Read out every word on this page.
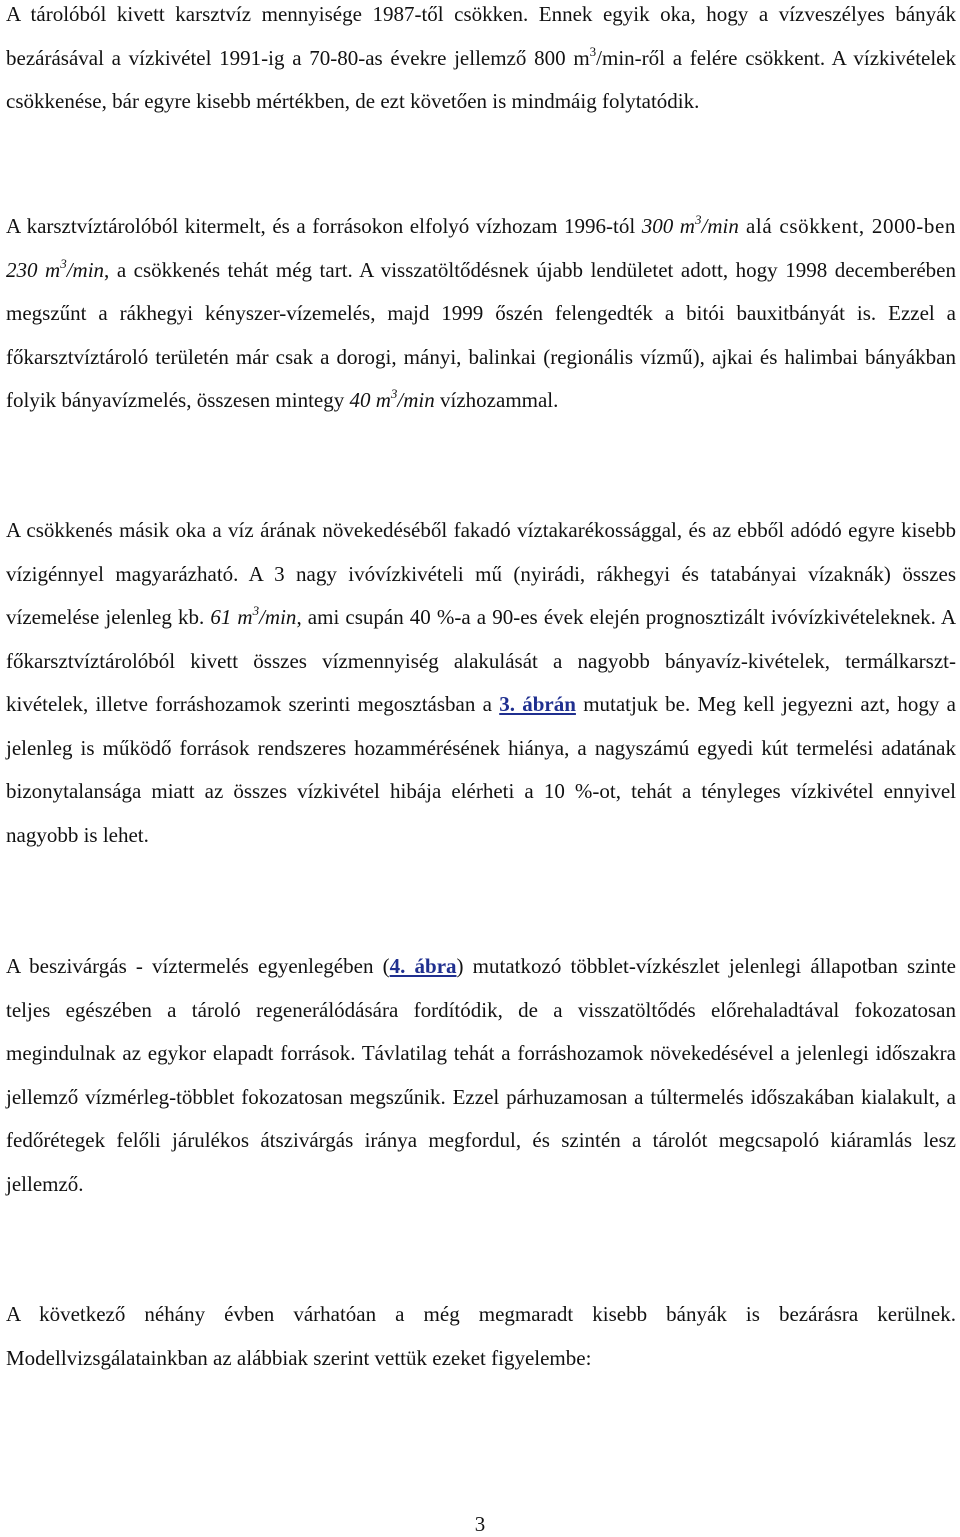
A tárolóból kivett karsztvíz mennyisége 1987-től csökken. Ennek egyik oka, hogy a vízveszélyes bányák bezárásával a vízkivétel 1991-ig a 70-80-as évekre jellemző 800 $m^3/\min$-ről a felére csökkent. A vízkivételek csökkenése, bár egyre kisebb mértékben, de ezt követően is mindmáig folytatódik.

A karsztvíztárolóból kitermelt, és a forrásokon elfolyó vízhozam 1996-tól 300 $m^3/\min$ alá csökkent, 2000-ben 230 $m^3/\min$, a csökkenés tehát még tart. A visszatöltődésnek újabb lendületet adott, hogy 1998 decemberében megszűnt a rákhegyi kényszer-vízemelés, majd 1999 őszén felengedték a bitói bauxitbányát is. Ezzel a főkarsztvíztároló területén már csak a dorogi, mányi, balinkai (regionális vízmű), ajkai és halimbai bányákban folyik bányavízmelés, összesen mintegy 40 $m^3/\min$ vízhozammal.

A csökkenés másik oka a víz árának növekedéséből fakadó víztakarékossággal, és az ebből adódó egyre kisebb vízigénnyel magyarázható. A 3 nagy ivóvízkivételi mű (nyirádi, rákhegyi és tatabányai vízaknák) összes vízemelése jelenleg kb. 61 $m^3/\min$, ami csupán 40 %-a a 90-es évek elején prognosztizált ivóvízkivételeknek. A főkarsztvíztárolóból kivett összes vízmennyiség alakulását a nagyobb bányavíz-kivételek, termálkarszt-kivételek, illetve forráshozamok szerinti megosztásban a 3. ábrán mutatjuk be. Meg kell jegyezni azt, hogy a jelenleg is működő források rendszeres hozammérésének hiánya, a nagyszámú egyedi kút termelési adatának bizonytalansága miatt az összes vízkivétel hibája elérheti a 10 %-ot, tehát a tényleges vízkivétel ennyivel nagyobb is lehet.

A beszivárgás - víztermelés egyenlegében (4. ábra) mutatkozó többlet-vízkészlet jelenlegi állapotban szinte teljes egészében a tároló regenerálódására fordítódik, de a visszatöltődés előrehaladtával fokozatosan megindulnak az egykor elapadt források. Távlatilag tehát a forráshozamok növekedésével a jelenlegi időszakra jellemző vízmérleg-többlet fokozatosan megszűnik. Ezzel párhuzamosan a túltermelés időszakában kialakult, a fedőrétegek felőli járulékos átszivárgás iránya megfordul, és szintén a tárolót megcsapoló kiáramlás lesz jellemző.

A következő néhány évben várhatóan a még megmaradt kisebb bányák is bezárásra kerülnek. Modellvizsgálatainkban az alábbiak szerint vettük ezeket figyelembe:

3
